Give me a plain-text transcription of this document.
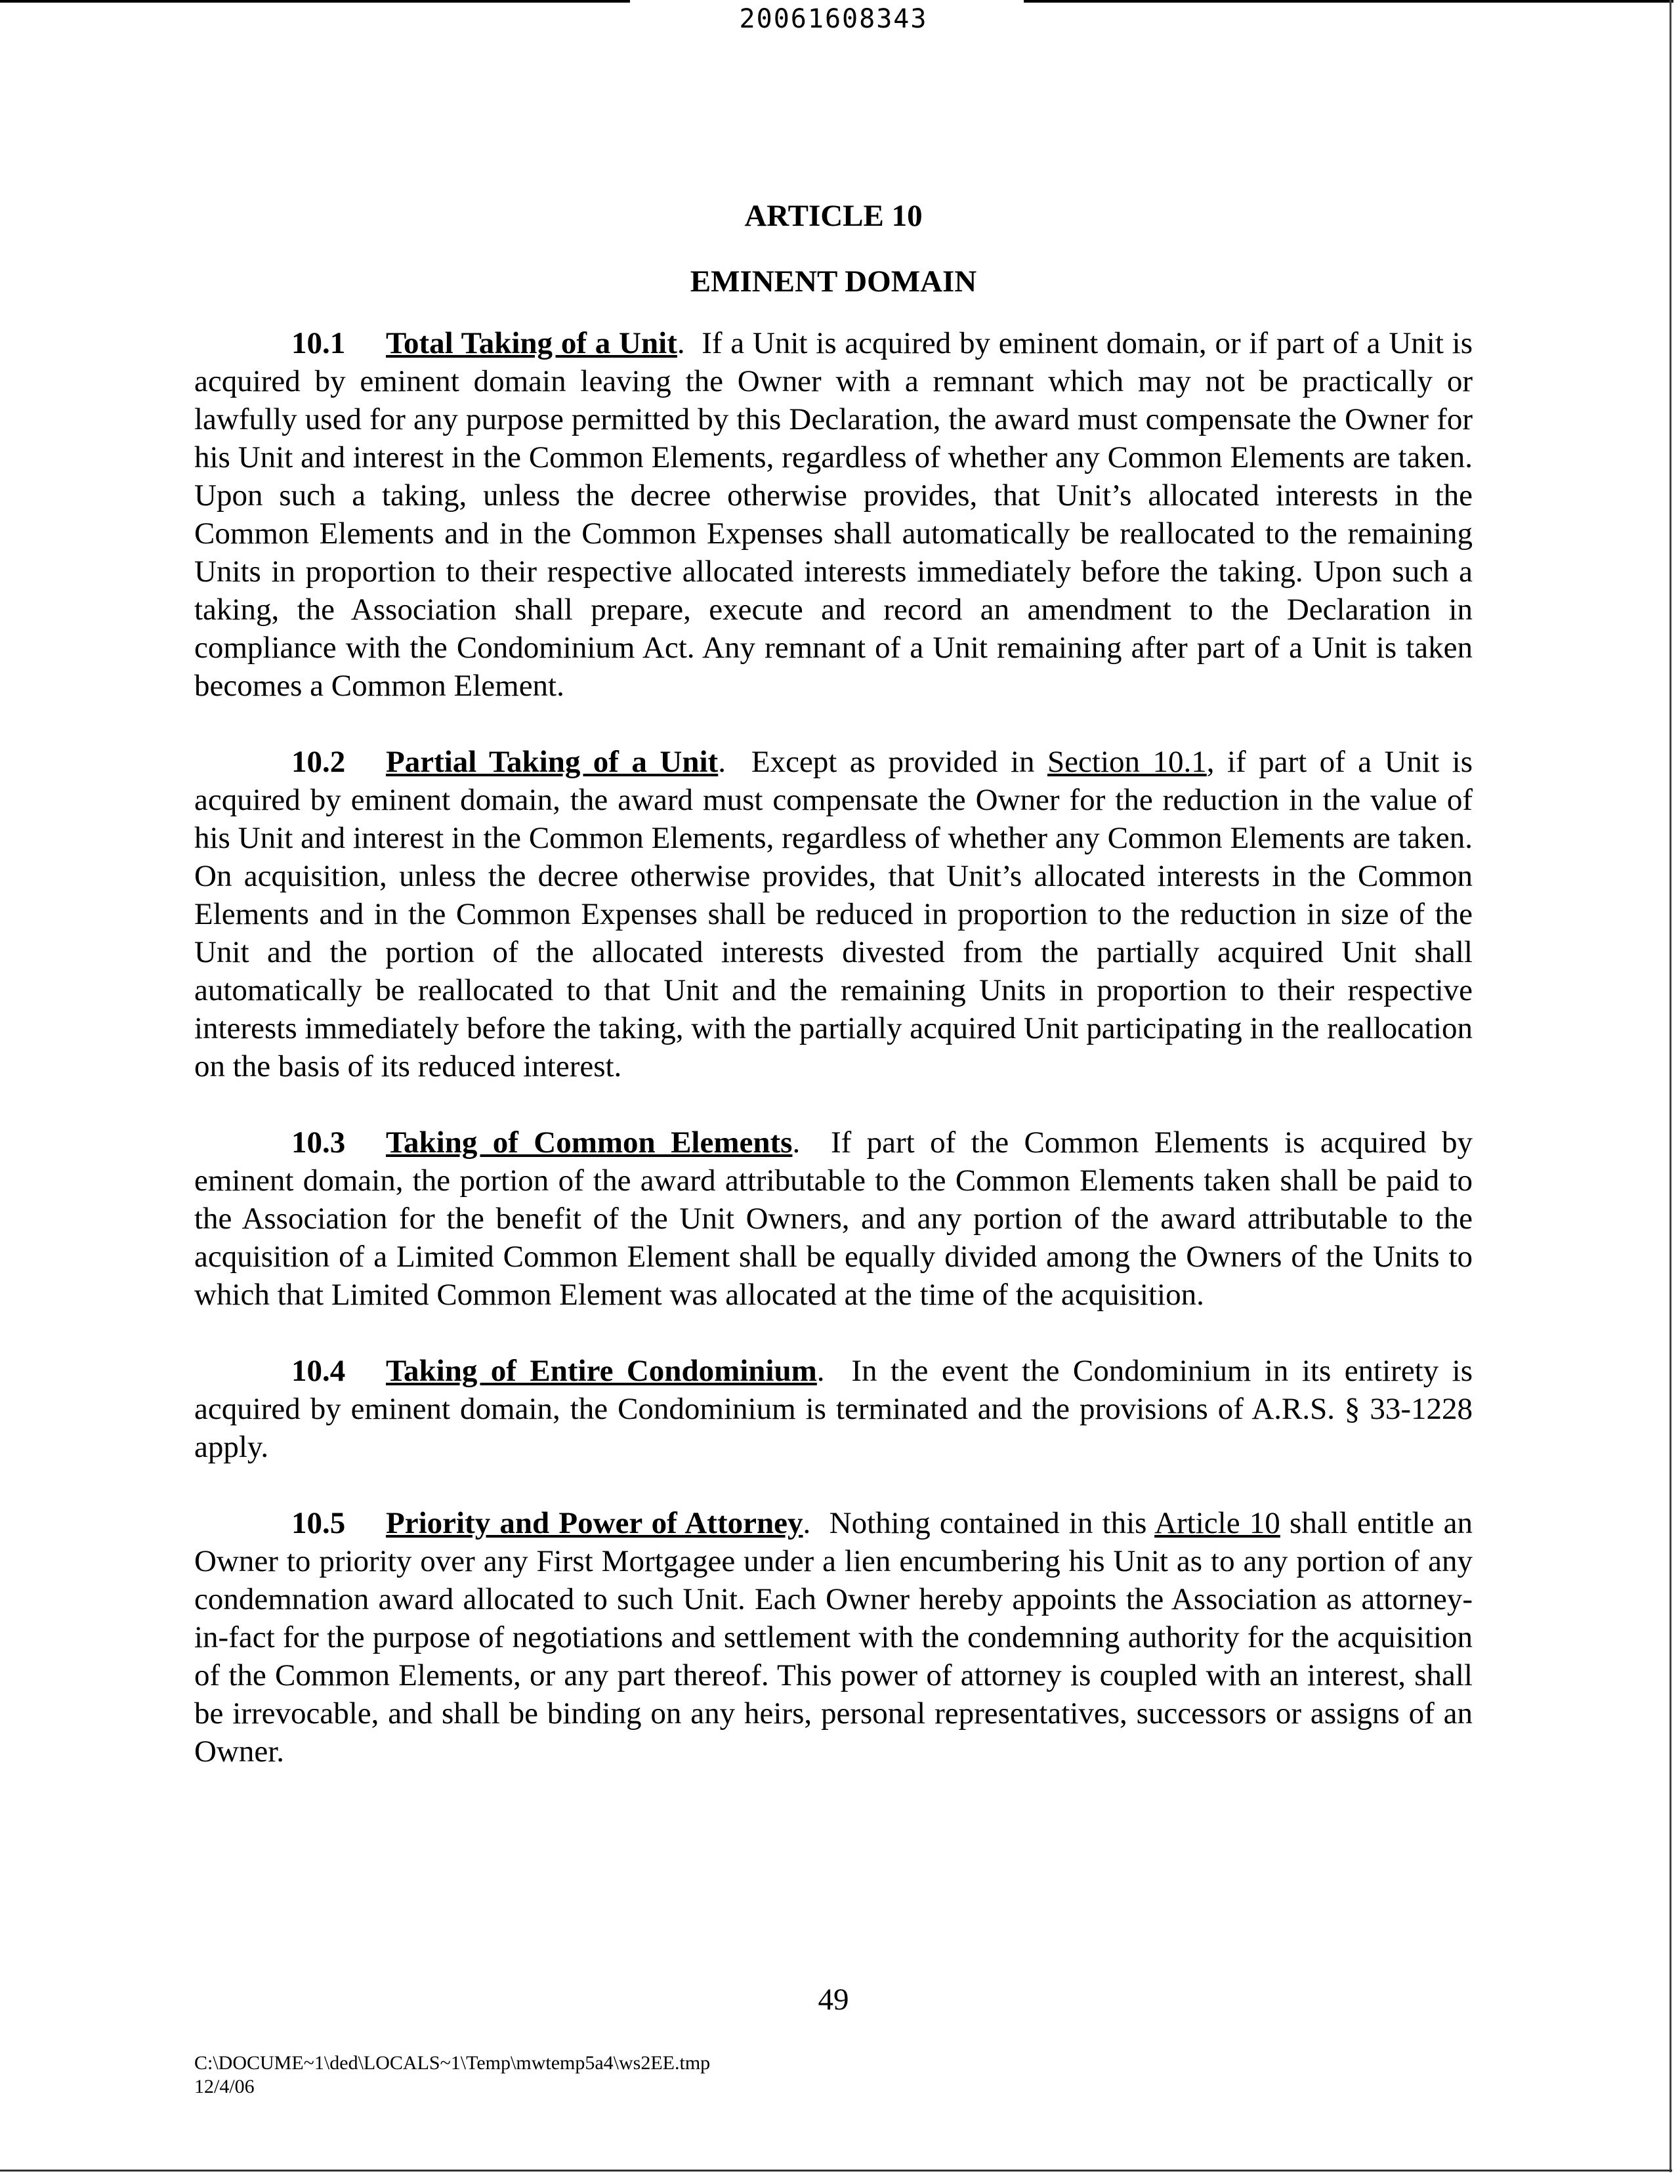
20061608343
ARTICLE 10
EMINENT DOMAIN

10.1 Total Taking of a Unit.  If a Unit is acquired by eminent domain, or if part of a Unit is acquired by eminent domain leaving the Owner with a remnant which may not be practically or lawfully used for any purpose permitted by this Declaration, the award must compensate the Owner for his Unit and interest in the Common Elements, regardless of whether any Common Elements are taken. Upon such a taking, unless the decree otherwise provides, that Unit’s allocated interests in the Common Elements and in the Common Expenses shall automatically be reallocated to the remaining Units in proportion to their respective allocated interests immediately before the taking. Upon such a taking, the Association shall prepare, execute and record an amendment to the Declaration in compliance with the Condominium Act. Any remnant of a Unit remaining after part of a Unit is taken becomes a Common Element.

10.2 Partial Taking of a Unit.  Except as provided in Section 10.1, if part of a Unit is acquired by eminent domain, the award must compensate the Owner for the reduction in the value of his Unit and interest in the Common Elements, regardless of whether any Common Elements are taken. On acquisition, unless the decree otherwise provides, that Unit’s allocated interests in the Common Elements and in the Common Expenses shall be reduced in proportion to the reduction in size of the Unit and the portion of the allocated interests divested from the partially acquired Unit shall automatically be reallocated to that Unit and the remaining Units in proportion to their respective interests immediately before the taking, with the partially acquired Unit participating in the reallocation on the basis of its reduced interest.

10.3 Taking of Common Elements.  If part of the Common Elements is acquired by eminent domain, the portion of the award attributable to the Common Elements taken shall be paid to the Association for the benefit of the Unit Owners, and any portion of the award attributable to the acquisition of a Limited Common Element shall be equally divided among the Owners of the Units to which that Limited Common Element was allocated at the time of the acquisition.

10.4 Taking of Entire Condominium.  In the event the Condominium in its entirety is acquired by eminent domain, the Condominium is terminated and the provisions of A.R.S. § 33-1228 apply.

10.5 Priority and Power of Attorney.  Nothing contained in this Article 10 shall entitle an Owner to priority over any First Mortgagee under a lien encumbering his Unit as to any portion of any condemnation award allocated to such Unit. Each Owner hereby appoints the Association as attorney-in-fact for the purpose of negotiations and settlement with the condemning authority for the acquisition of the Common Elements, or any part thereof. This power of attorney is coupled with an interest, shall be irrevocable, and shall be binding on any heirs, personal representatives, successors or assigns of an Owner.

49
C:\DOCUME~1\ded\LOCALS~1\Temp\mwtemp5a4\ws2EE.tmp
12/4/06
